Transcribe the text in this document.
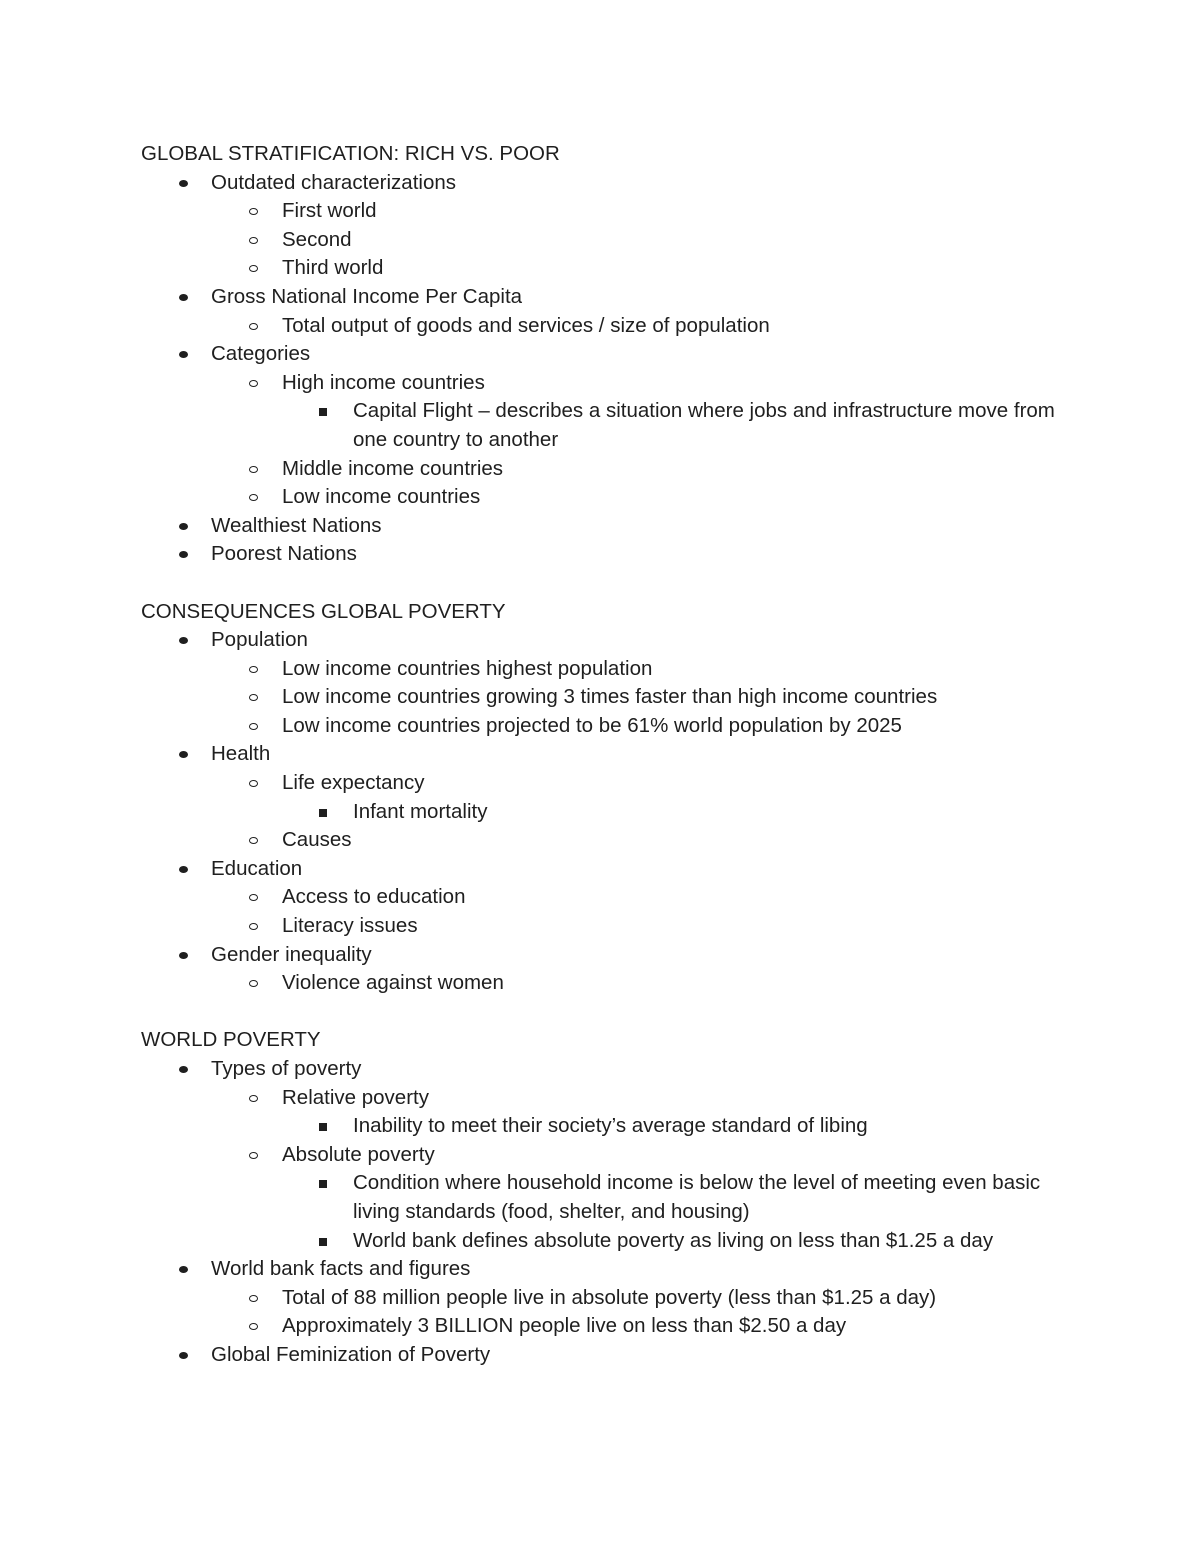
GLOBAL STRATIFICATION: RICH VS. POOR
Outdated characterizations
First world
Second
Third world
Gross National Income Per Capita
Total output of goods and services / size of population
Categories
High income countries
Capital Flight – describes a situation where jobs and infrastructure move from one country to another
Middle income countries
Low income countries
Wealthiest Nations
Poorest Nations
CONSEQUENCES GLOBAL POVERTY
Population
Low income countries highest population
Low income countries growing 3 times faster than high income countries
Low income countries projected to be 61% world population by 2025
Health
Life expectancy
Infant mortality
Causes
Education
Access to education
Literacy issues
Gender inequality
Violence against women
WORLD POVERTY
Types of poverty
Relative poverty
Inability to meet their society’s average standard of libing
Absolute poverty
Condition where household income is below the level of meeting even basic living standards (food, shelter, and housing)
World bank defines absolute poverty as living on less than $1.25 a day
World bank facts and figures
Total of 88 million people live in absolute poverty (less than $1.25 a day)
Approximately 3 BILLION people live on less than $2.50 a day
Global Feminization of Poverty
